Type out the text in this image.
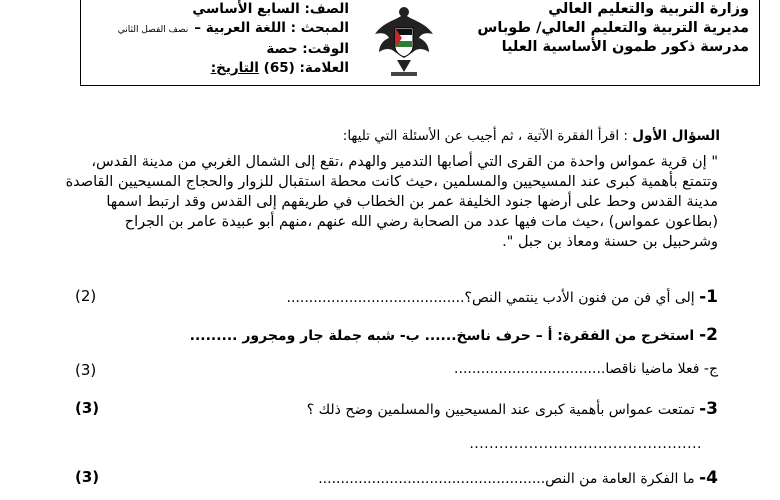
وزارة التربية والتعليم العالي
مديرية التربية والتعليم العالي/ طوباس
مدرسة ذكور طمون الأساسية العليا
الصف: السابع الأساسي
المبحث : اللغة العربية –نصف الفصل الثاني
الوقت: حصة
العلامة: (65) التاريخ:
السؤال الأول : اقرأ الفقرة الآتية ، ثم أجيب عن الأسئلة التي تليها:

" إن قرية عمواس واحدة من القرى التي أصابها التدمير والهدم ،تقع إلى الشمال الغربي من مدينة القدس،

وتتمتع بأهمية كبرى عند المسيحيين والمسلمين ،حيث كانت محطة استقبال للزوار والحجاج المسيحيين القاصدة

مدينة القدس وحط على أرضها جنود الخليفة عمر بن الخطاب في طريقهم إلى القدس وقد ارتبط اسمها

(بطاعون عمواس) ،حيث مات فيها عدد من الصحابة رضي الله عنهم ،منهم أبو عبيدة عامر بن الجراح

وشرحبيل بن حسنة ومعاذ بن جبل ".

1- إلى أي فن من فنون الأدب ينتمي النص؟........................................
(2)
2- استخرج من الفقرة: أ – حرف ناسخ...... ب- شبه جملة جار ومجرور .........
ج- فعلا ماضيا ناقصا..................................
(3)
3- تمتعت عمواس بأهمية كبرى عند المسيحيين والمسلمين وضح ذلك ؟
(3)
...............................................
4- ما الفكرة العامة من النص...................................................
(3)
